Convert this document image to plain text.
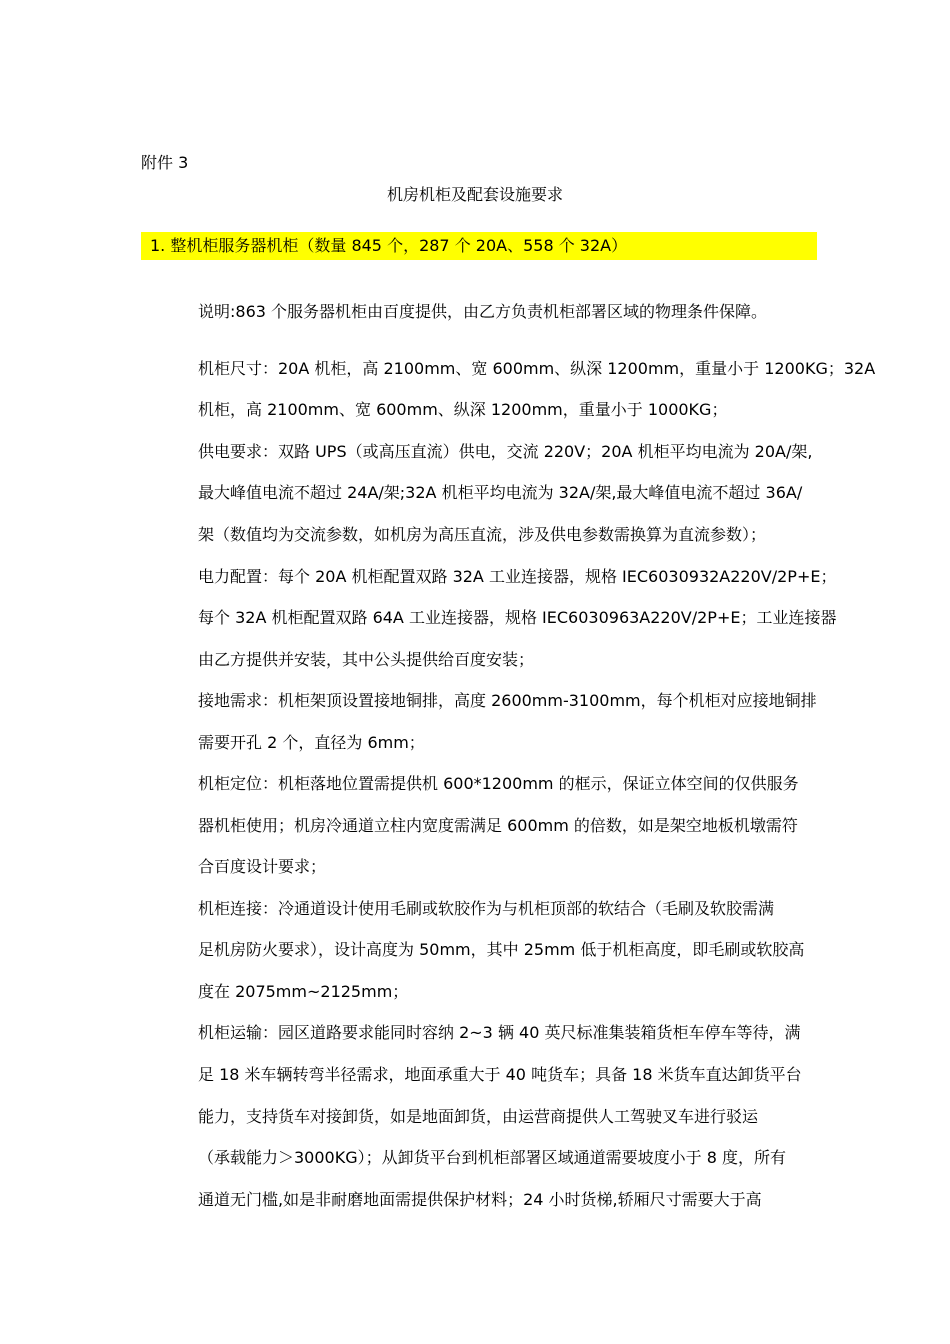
附件 3
机房机柜及配套设施要求
1. 整机柜服务器机柜（数量 845 个，287 个 20A、558 个 32A）
说明:863 个服务器机柜由百度提供，由乙方负责机柜部署区域的物理条件保障。
机柜尺寸：20A 机柜，高 2100mm、宽 600mm、纵深 1200mm，重量小于 1200KG；32A
机柜，高 2100mm、宽 600mm、纵深 1200mm，重量小于 1000KG；
供电要求：双路 UPS（或高压直流）供电，交流 220V；20A 机柜平均电流为 20A/架,
最大峰值电流不超过 24A/架;32A 机柜平均电流为 32A/架,最大峰值电流不超过 36A/
架（数值均为交流参数，如机房为高压直流，涉及供电参数需换算为直流参数）；
电力配置：每个 20A 机柜配置双路 32A 工业连接器，规格 IEC6030932A220V/2P+E；
每个 32A 机柜配置双路 64A 工业连接器，规格 IEC6030963A220V/2P+E；工业连接器
由乙方提供并安装，其中公头提供给百度安装；
接地需求：机柜架顶设置接地铜排，高度 2600mm-3100mm，每个机柜对应接地铜排
需要开孔 2 个，直径为 6mm；
机柜定位：机柜落地位置需提供机 600*1200mm 的框示，保证立体空间的仅供服务
器机柜使用；机房冷通道立柱内宽度需满足 600mm 的倍数，如是架空地板机墩需符
合百度设计要求；
机柜连接：冷通道设计使用毛刷或软胶作为与机柜顶部的软结合（毛刷及软胶需满
足机房防火要求），设计高度为 50mm，其中 25mm 低于机柜高度，即毛刷或软胶高
度在 2075mm~2125mm；
机柜运输：园区道路要求能同时容纳 2~3 辆 40 英尺标准集装箱货柜车停车等待，满
足 18 米车辆转弯半径需求，地面承重大于 40 吨货车；具备 18 米货车直达卸货平台
能力，支持货车对接卸货，如是地面卸货，由运营商提供人工驾驶叉车进行驳运
（承载能力＞3000KG）；从卸货平台到机柜部署区域通道需要坡度小于 8 度，所有
通道无门槛,如是非耐磨地面需提供保护材料；24 小时货梯,轿厢尺寸需要大于高
